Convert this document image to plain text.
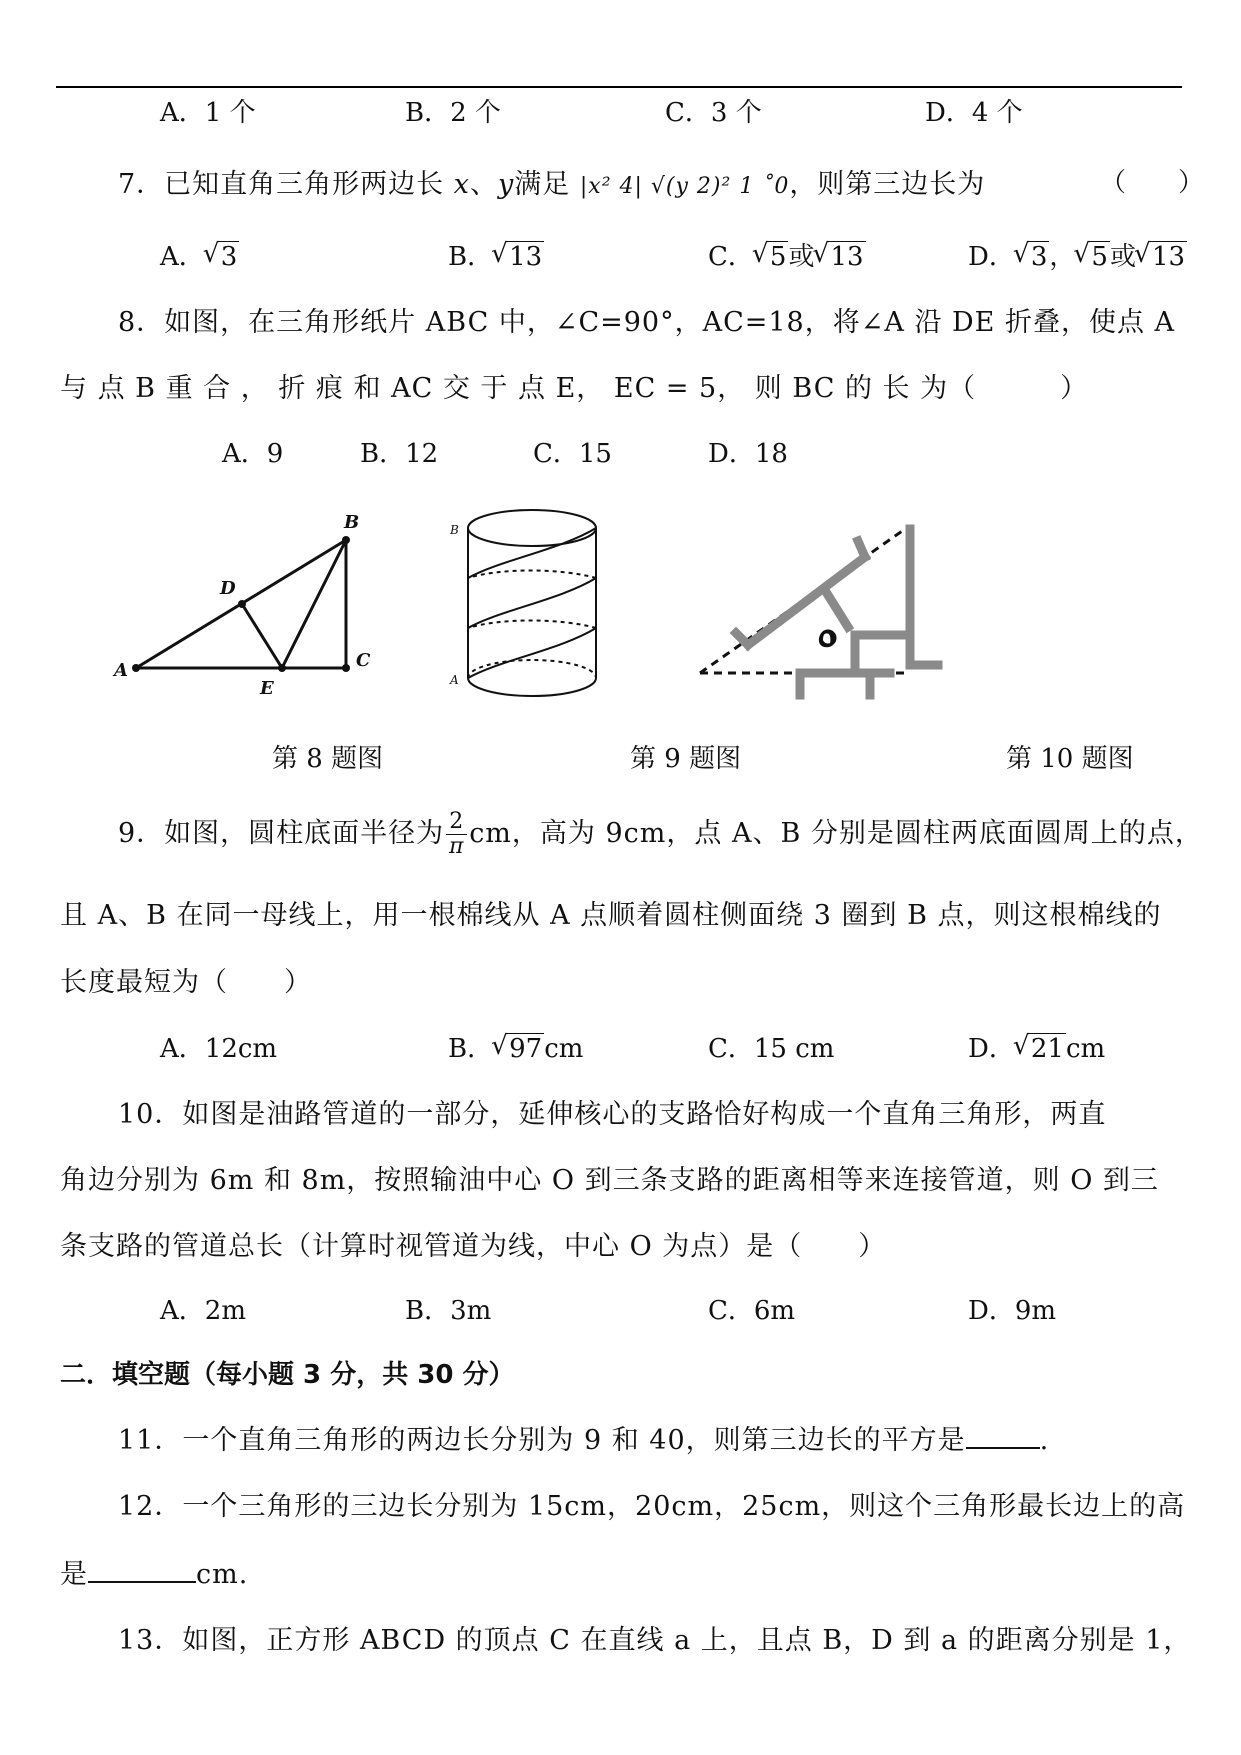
A．1 个	B．2 个	C．3 个	D．4 个
7．已知直角三角形两边长 x、y满足 |x² 4| √(y 2)² 1 ˚0，则第三边长为	（　　）
A． √ 3	B． √ 13	C． √ 5或 √ 13	D． √ 3， √ 5或 √ 13
8．如图，在三角形纸片 ABC 中，∠C=90°，AC=18，将∠A 沿 DE 折叠，使点 A
与 点 B 重 合 ， 折 痕 和 AC 交 于 点 E， EC = 5， 则 BC 的 长 为（　　　）
A．9	B．12	C．15	D．18
A
B
C
D
E
B
A
O
第 8 题图	第 9 题图	第 10 题图
9．如图，圆柱底面半径为 $\frac{2}{\pi}$ cm，高为 9cm，点 A、B 分别是圆柱两底面圆周上的点，
且 A、B 在同一母线上，用一根棉线从 A 点顺着圆柱侧面绕 3 圈到 B 点，则这根棉线的
长度最短为（　　）
A．12cm	B． √ 97cm	C．15 cm	D． √ 21cm
10．如图是油路管道的一部分，延伸核心的支路恰好构成一个直角三角形，两直
角边分别为 6m 和 8m，按照输油中心 O 到三条支路的距离相等来连接管道，则 O 到三
条支路的管道总长（计算时视管道为线，中心 O 为点）是（　　）
A．2m	B．3m	C．6m	D．9m
二．填空题（每小题 3 分，共 30 分）
11．一个直角三角形的两边长分别为 9 和 40，则第三边长的平方是	.
12．一个三角形的三边长分别为 15cm，20cm，25cm，则这个三角形最长边上的高
是	cm.
13．如图，正方形 ABCD 的顶点 C 在直线 a 上，且点 B，D 到 a 的距离分别是 1，
